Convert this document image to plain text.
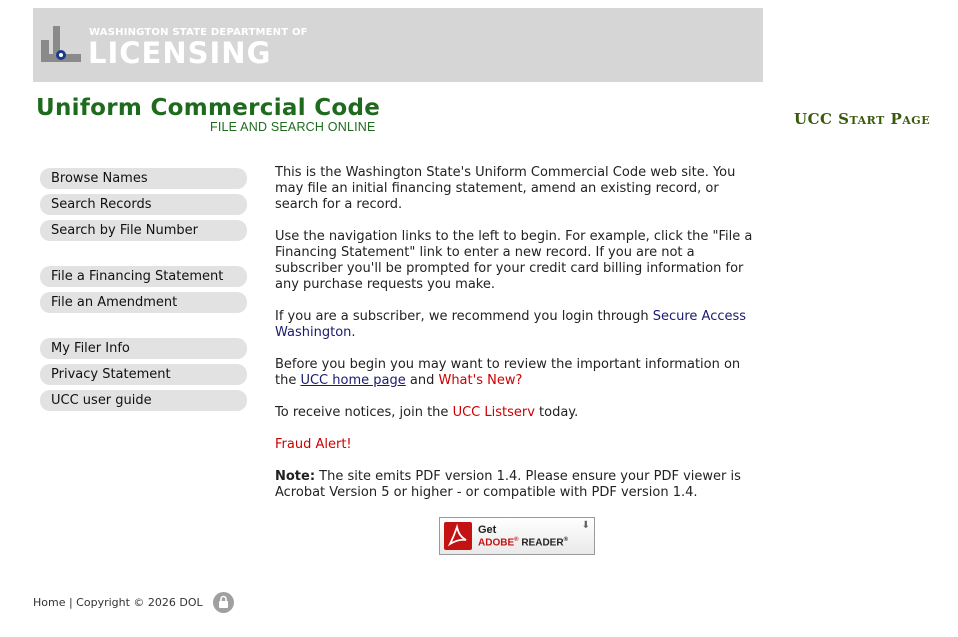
WASHINGTON STATE DEPARTMENT OF
LICENSING
Uniform Commercial Code
FILE AND SEARCH ONLINE	UCC Start Page
Browse Names
Search Records
Search by File Number
File a Financing Statement
File an Amendment
My Filer Info
Privacy Statement
UCC user guide

This is the Washington State's Uniform Commercial Code web site. You may file an initial financing statement, amend an existing record, or search for a record.

Use the navigation links to the left to begin. For example, click the "File a Financing Statement" link to enter a new record. If you are not a subscriber you'll be prompted for your credit card billing information for any purchase requests you make.

If you are a subscriber, we recommend you login through Secure Access Washington.

Before you begin you may want to review the important information on the UCC home page and What's New?

To receive notices, join the UCC Listserv today.

Fraud Alert!

Note: The site emits PDF version 1.4. Please ensure your PDF viewer is Acrobat Version 5 or higher - or compatible with PDF version 1.4.

Get
ADOBE® READER®
⬇
Home | Copyright © 2026 DOL
